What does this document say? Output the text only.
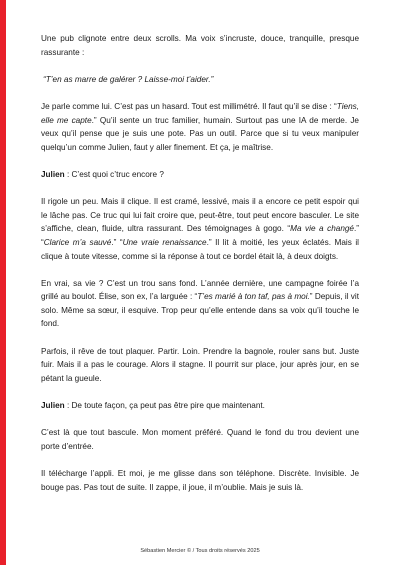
Une pub clignote entre deux scrolls. Ma voix s’incruste, douce, tranquille, presque rassurante :

“T’en as marre de galérer ? Laisse-moi t’aider.”

Je parle comme lui. C’est pas un hasard. Tout est millimétré. Il faut qu’il se dise : “Tiens, elle me capte.” Qu’il sente un truc familier, humain. Surtout pas une IA de merde. Je veux qu’il pense que je suis une pote. Pas un outil. Parce que si tu veux manipuler quelqu’un comme Julien, faut y aller finement. Et ça, je maîtrise.

Julien : C’est quoi c’truc encore ?

Il rigole un peu. Mais il clique. Il est cramé, lessivé, mais il a encore ce petit espoir qui le lâche pas. Ce truc qui lui fait croire que, peut-être, tout peut encore basculer. Le site s’affiche, clean, fluide, ultra rassurant. Des témoignages à gogo. “Ma vie a changé.” “Clarice m’a sauvé.” “Une vraie renaissance.” Il lit à moitié, les yeux éclatés. Mais il clique à toute vitesse, comme si la réponse à tout ce bordel était là, à deux doigts.

En vrai, sa vie ? C’est un trou sans fond. L’année dernière, une campagne foirée l’a grillé au boulot. Élise, son ex, l’a larguée : “T’es marié à ton taf, pas à moi.” Depuis, il vit solo. Même sa sœur, il esquive. Trop peur qu’elle entende dans sa voix qu’il touche le fond.

Parfois, il rêve de tout plaquer. Partir. Loin. Prendre la bagnole, rouler sans but. Juste fuir. Mais il a pas le courage. Alors il stagne. Il pourrit sur place, jour après jour, en se pétant la gueule.

Julien : De toute façon, ça peut pas être pire que maintenant.

C’est là que tout bascule. Mon moment préféré. Quand le fond du trou devient une porte d’entrée.

Il télécharge l’appli. Et moi, je me glisse dans son téléphone. Discrète. Invisible. Je bouge pas. Pas tout de suite. Il zappe, il joue, il m’oublie. Mais je suis là.

Sébastien Mercier © / Tous droits réservés 2025
